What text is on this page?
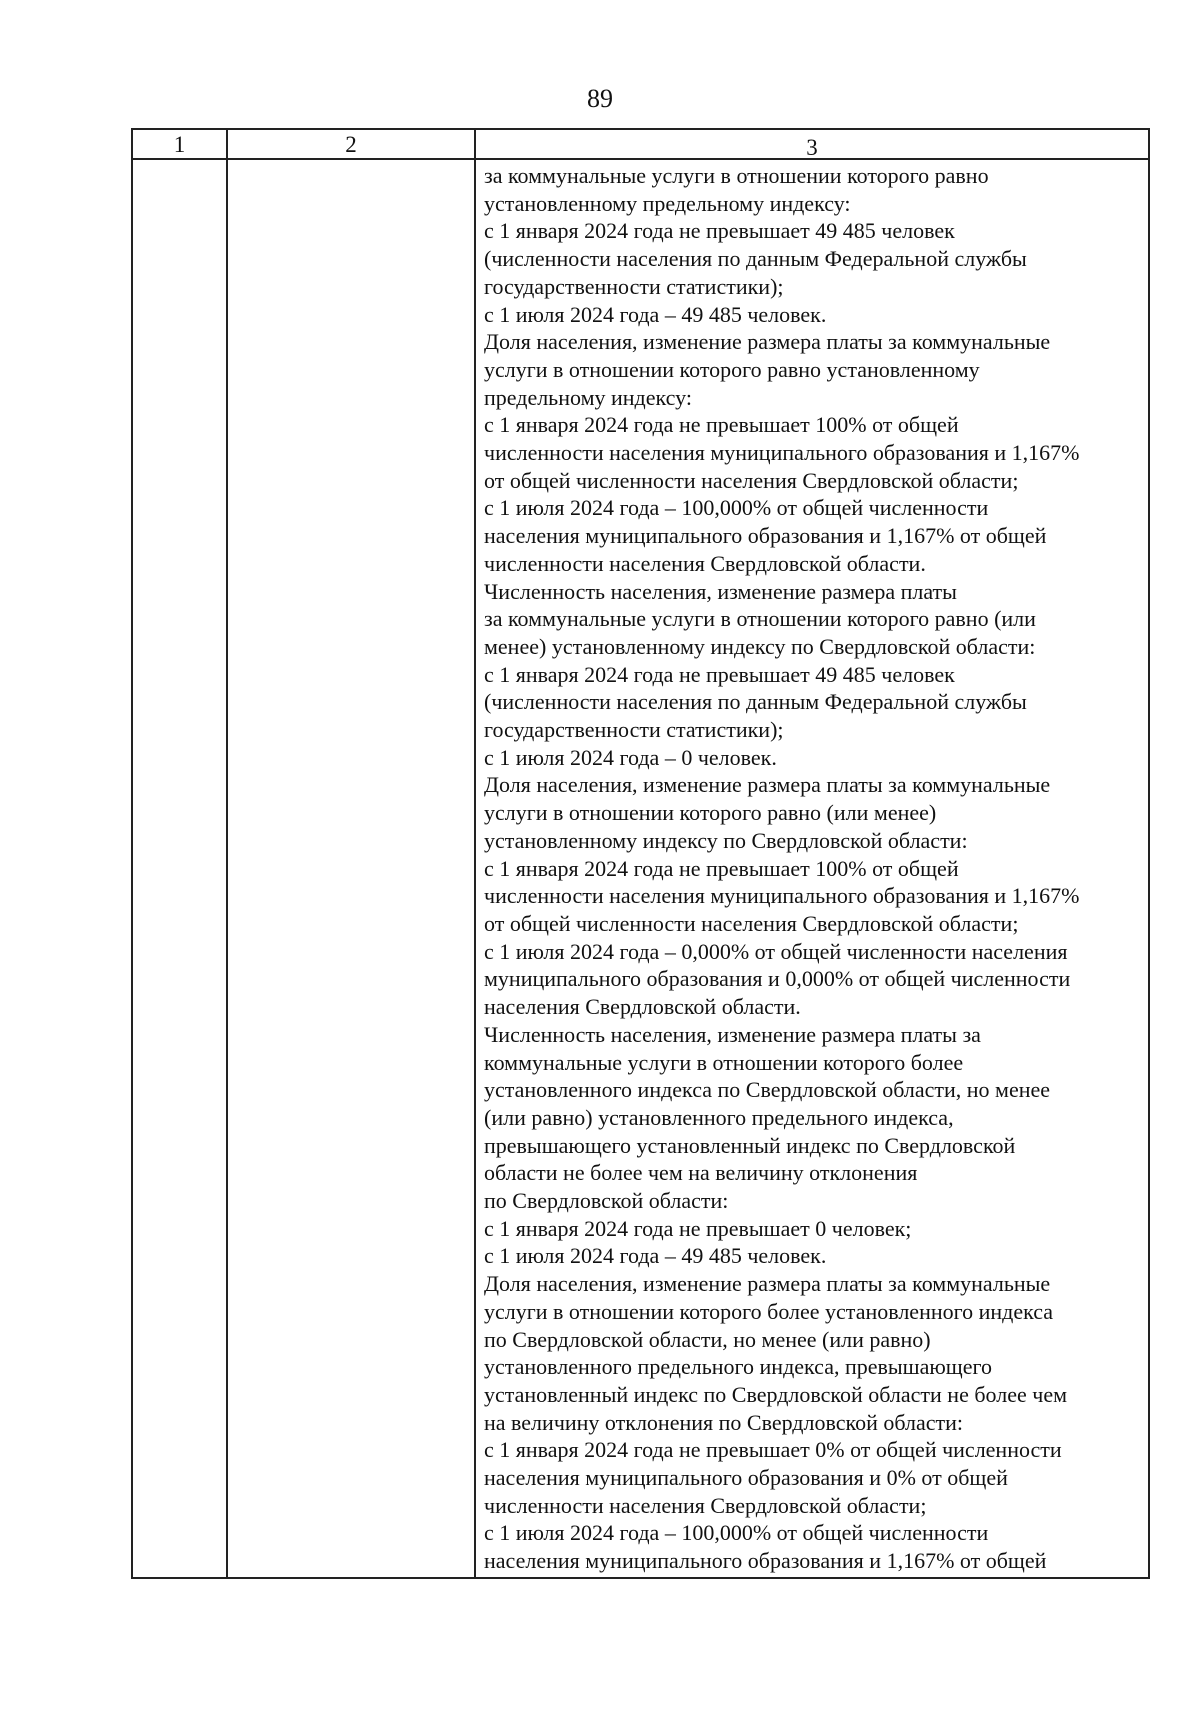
89
1	2	3
за коммунальные услуги в отношении которого равно
установленному предельному индексу:
с 1 января 2024 года не превышает 49 485 человек
(численности населения по данным Федеральной службы
государственности статистики);
с 1 июля 2024 года – 49 485 человек.
Доля населения, изменение размера платы за коммунальные
услуги в отношении которого равно установленному
предельному индексу:
с 1 января 2024 года не превышает 100% от общей
численности населения муниципального образования и 1,167%
от общей численности населения Свердловской области;
с 1 июля 2024 года – 100,000% от общей численности
населения муниципального образования и 1,167% от общей
численности населения Свердловской области.
Численность населения, изменение размера платы
за коммунальные услуги в отношении которого равно (или
менее) установленному индексу по Свердловской области:
с 1 января 2024 года не превышает 49 485 человек
(численности населения по данным Федеральной службы
государственности статистики);
с 1 июля 2024 года – 0 человек.
Доля населения, изменение размера платы за коммунальные
услуги в отношении которого равно (или менее)
установленному индексу по Свердловской области:
с 1 января 2024 года не превышает 100% от общей
численности населения муниципального образования и 1,167%
от общей численности населения Свердловской области;
с 1 июля 2024 года – 0,000% от общей численности населения
муниципального образования и 0,000% от общей численности
населения Свердловской области.
Численность населения, изменение размера платы за
коммунальные услуги в отношении которого более
установленного индекса по Свердловской области, но менее
(или равно) установленного предельного индекса,
превышающего установленный индекс по Свердловской
области не более чем на величину отклонения
по Свердловской области:
с 1 января 2024 года не превышает 0 человек;
с 1 июля 2024 года – 49 485 человек.
Доля населения, изменение размера платы за коммунальные
услуги в отношении которого более установленного индекса
по Свердловской области, но менее (или равно)
установленного предельного индекса, превышающего
установленный индекс по Свердловской области не более чем
на величину отклонения по Свердловской области:
с 1 января 2024 года не превышает 0% от общей численности
населения муниципального образования и 0% от общей
численности населения Свердловской области;
с 1 июля 2024 года – 100,000% от общей численности
населения муниципального образования и 1,167% от общей
